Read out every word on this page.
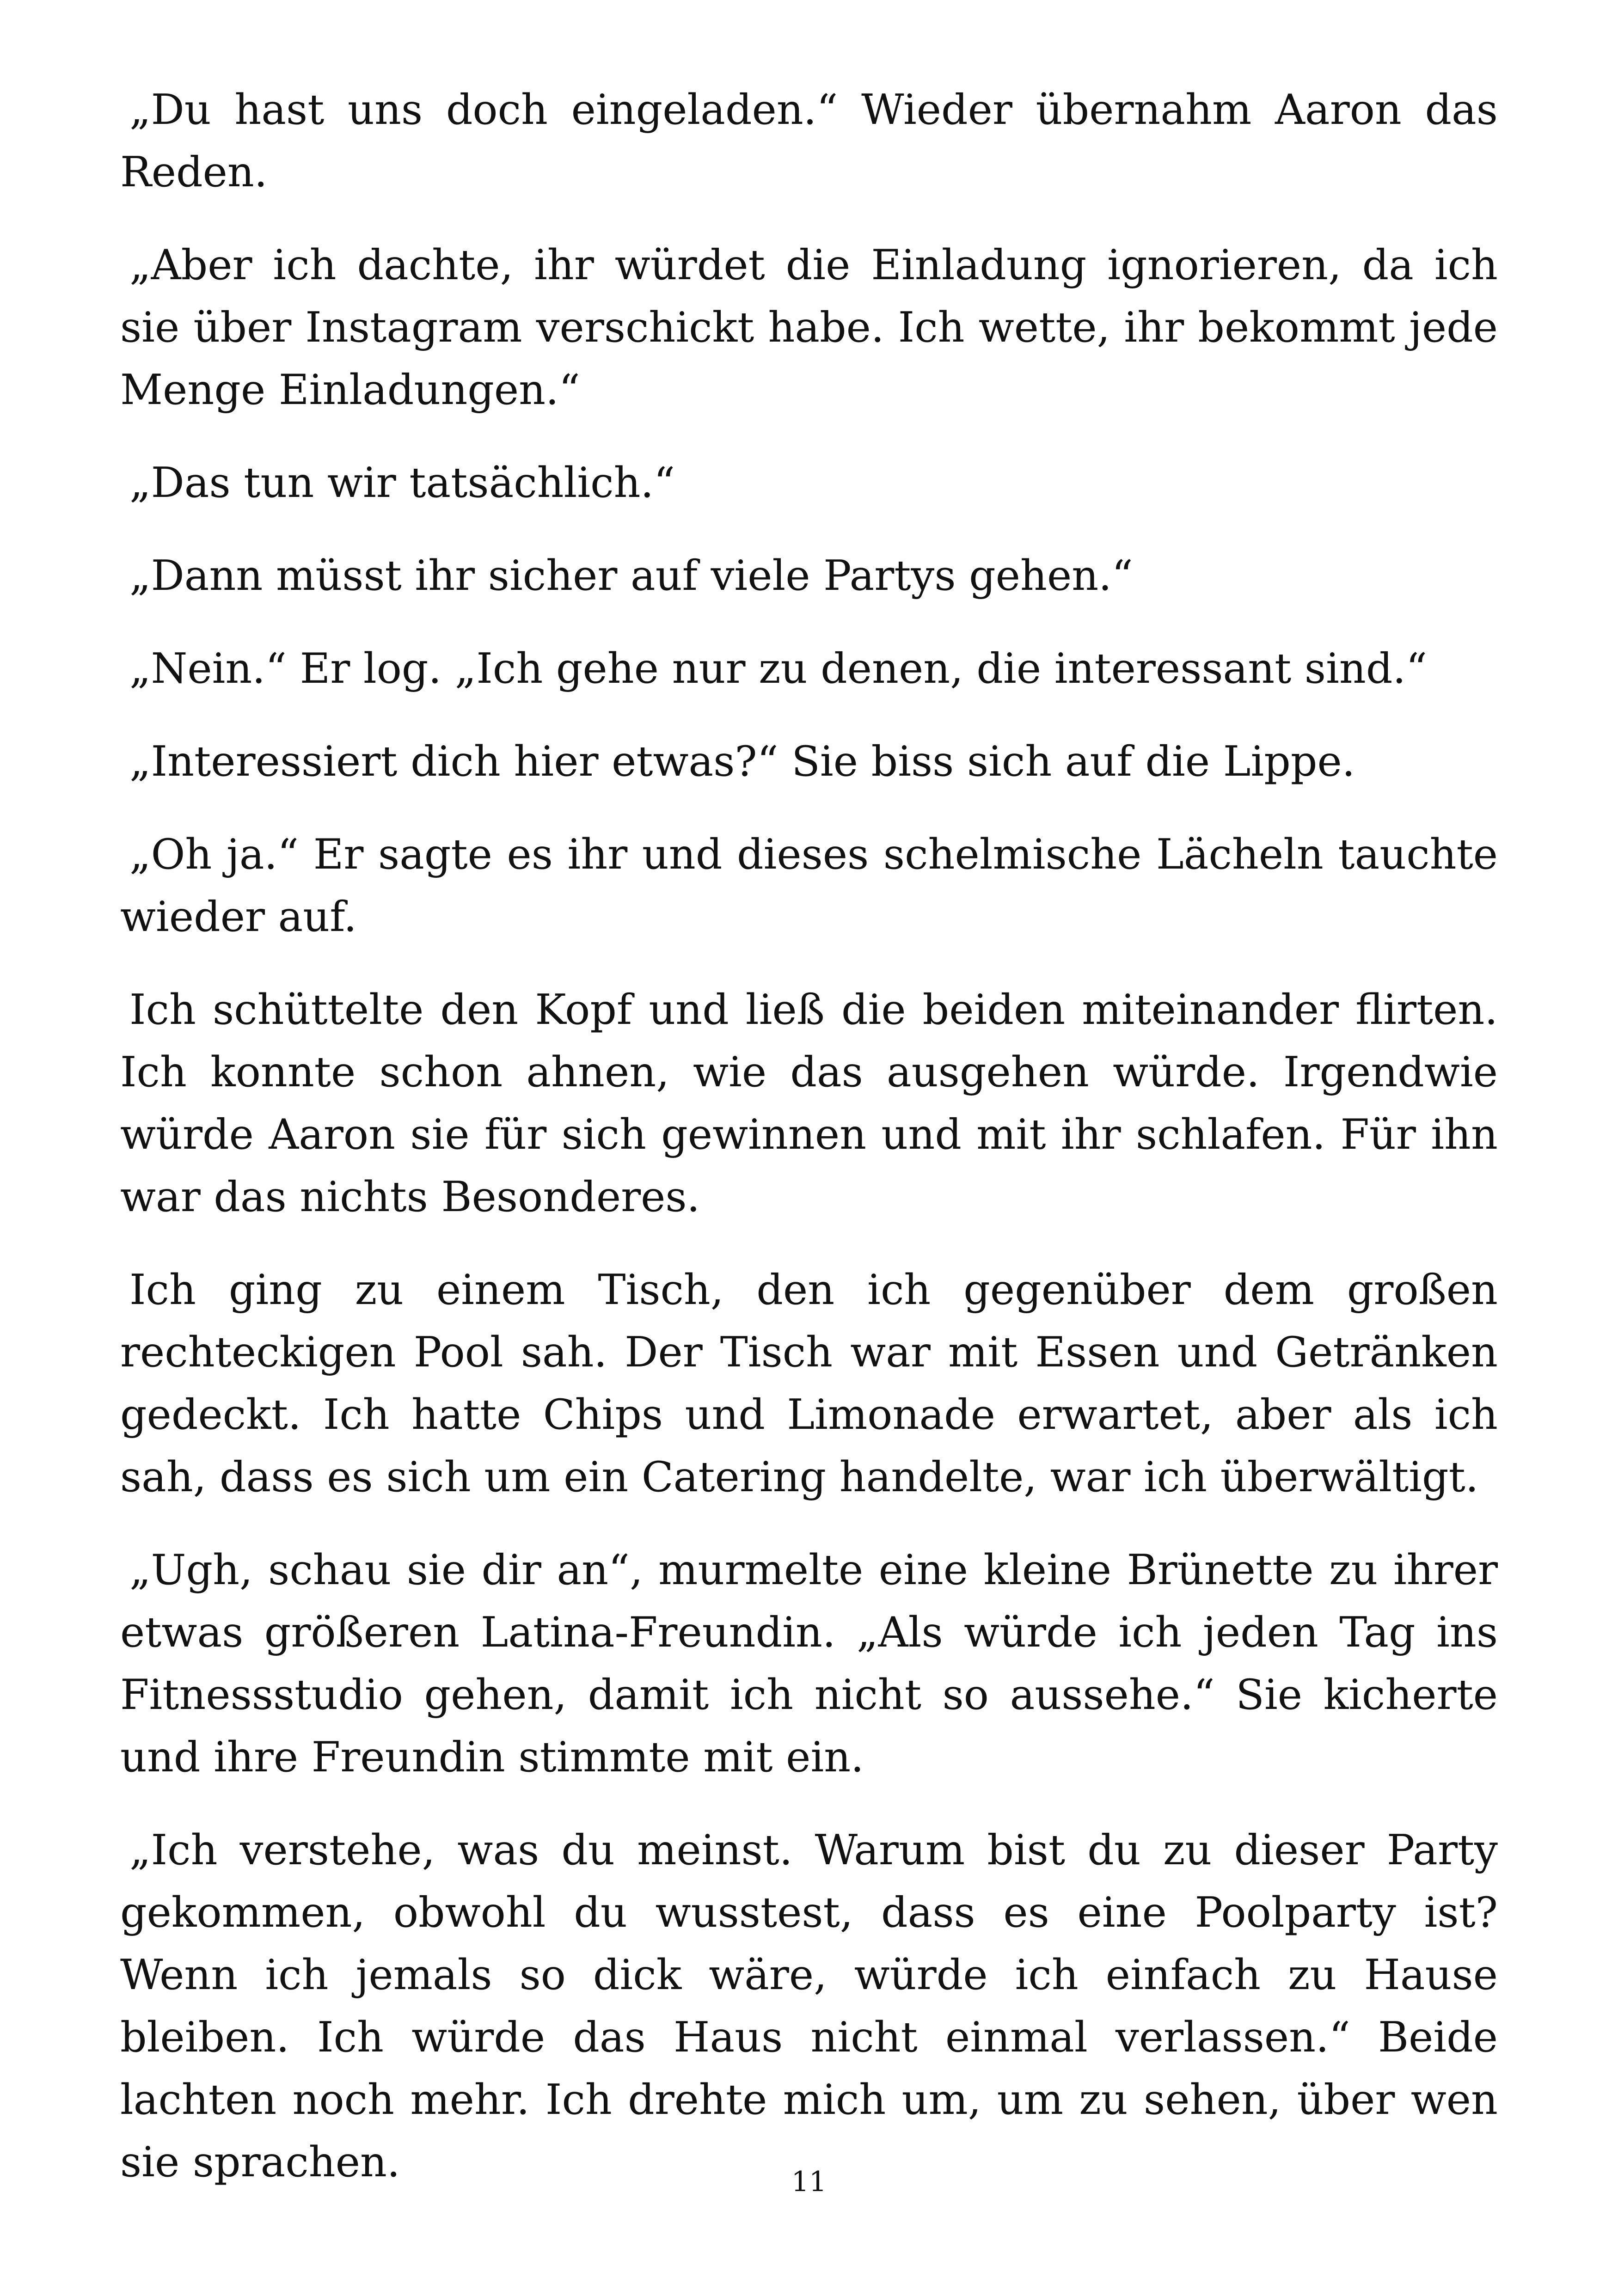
„Du hast uns doch eingeladen.“ Wieder übernahm Aaron das Reden.

„Aber ich dachte, ihr würdet die Einladung ignorieren, da ich sie über Instagram verschickt habe. Ich wette, ihr bekommt jede Menge Einladungen.“

„Das tun wir tatsächlich.“

„Dann müsst ihr sicher auf viele Partys gehen.“

„Nein.“ Er log. „Ich gehe nur zu denen, die interessant sind.“

„Interessiert dich hier etwas?“ Sie biss sich auf die Lippe.

„Oh ja.“ Er sagte es ihr und dieses schelmische Lächeln tauchte wieder auf.

Ich schüttelte den Kopf und ließ die beiden miteinander flirten. Ich konnte schon ahnen, wie das ausgehen würde. Irgendwie würde Aaron sie für sich gewinnen und mit ihr schlafen. Für ihn war das nichts Besonderes.

Ich ging zu einem Tisch, den ich gegenüber dem großen rechteckigen Pool sah. Der Tisch war mit Essen und Getränken gedeckt. Ich hatte Chips und Limonade erwartet, aber als ich sah, dass es sich um ein Catering handelte, war ich überwältigt.

„Ugh, schau sie dir an“, murmelte eine kleine Brünette zu ihrer etwas größeren Latina-Freundin. „Als würde ich jeden Tag ins Fitnessstudio gehen, damit ich nicht so aussehe.“ Sie kicherte und ihre Freundin stimmte mit ein.

„Ich verstehe, was du meinst. Warum bist du zu dieser Party gekommen, obwohl du wusstest, dass es eine Poolparty ist? Wenn ich jemals so dick wäre, würde ich einfach zu Hause bleiben. Ich würde das Haus nicht einmal verlassen.“ Beide lachten noch mehr. Ich drehte mich um, um zu sehen, über wen sie sprachen.	11
